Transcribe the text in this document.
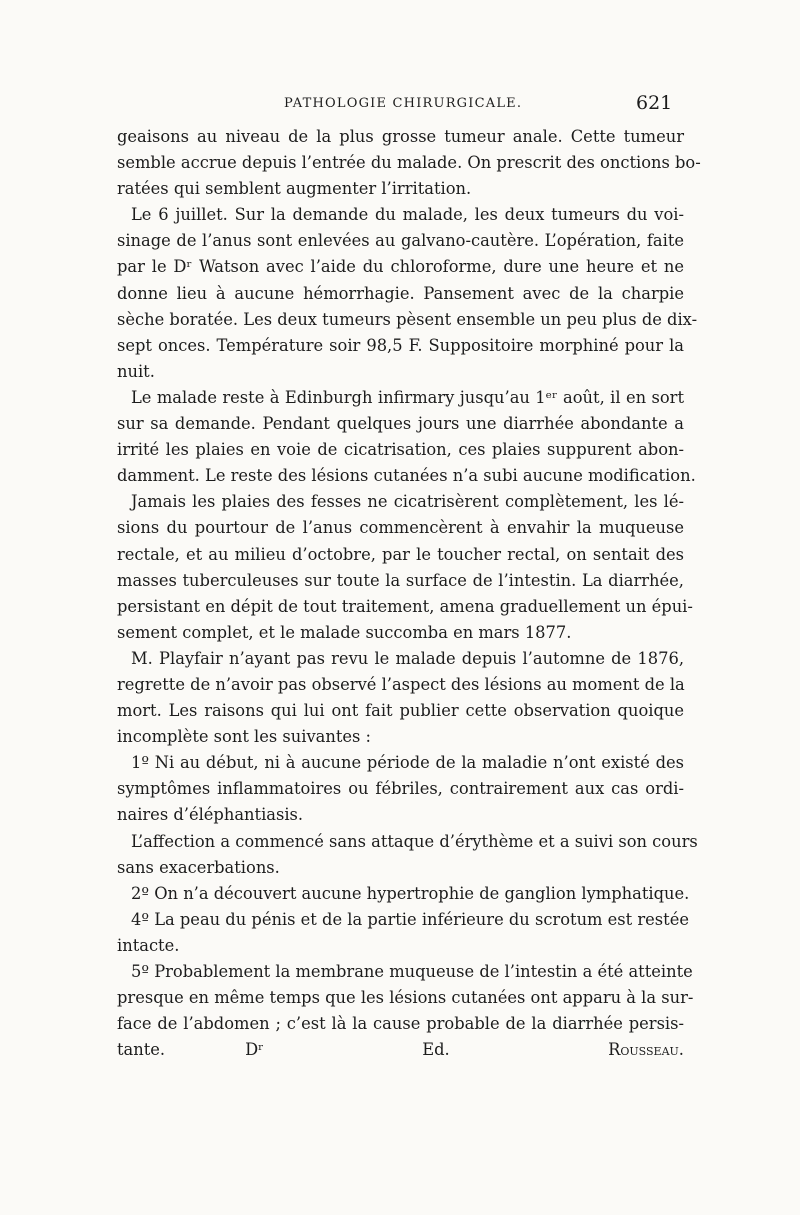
PATHOLOGIE CHIRURGICALE.	621
geaisons au niveau de la plus grosse tumeur anale. Cette tumeur
semble accrue depuis l’entrée du malade. On prescrit des onctions bo-
ratées qui semblent augmenter l’irritation.
Le 6 juillet. Sur la demande du malade, les deux tumeurs du voi-
sinage de l’anus sont enlevées au galvano-cautère. L’opération, faite
par le Dʳ Watson avec l’aide du chloroforme, dure une heure et ne
donne lieu à aucune hémorrhagie. Pansement avec de la charpie
sèche boratée. Les deux tumeurs pèsent ensemble un peu plus de dix-
sept onces. Température soir 98,5 F. Suppositoire morphiné pour la
nuit.
Le malade reste à Edinburgh infirmary jusqu’au 1ᵉʳ août, il en sort
sur sa demande. Pendant quelques jours une diarrhée abondante a
irrité les plaies en voie de cicatrisation, ces plaies suppurent abon-
damment. Le reste des lésions cutanées n’a subi aucune modification.
Jamais les plaies des fesses ne cicatrisèrent complètement, les lé-
sions du pourtour de l’anus commencèrent à envahir la muqueuse
rectale, et au milieu d’octobre, par le toucher rectal, on sentait des
masses tuberculeuses sur toute la surface de l’intestin. La diarrhée,
persistant en dépit de tout traitement, amena graduellement un épui-
sement complet, et le malade succomba en mars 1877.
M. Playfair n’ayant pas revu le malade depuis l’automne de 1876,
regrette de n’avoir pas observé l’aspect des lésions au moment de la
mort. Les raisons qui lui ont fait publier cette observation quoique
incomplète sont les suivantes :
1º Ni au début, ni à aucune période de la maladie n’ont existé des
symptômes inflammatoires ou fébriles, contrairement aux cas ordi-
naires d’éléphantiasis.
L’affection a commencé sans attaque d’érythème et a suivi son cours
sans exacerbations.
2º On n’a découvert aucune hypertrophie de ganglion lymphatique.
4º La peau du pénis et de la partie inférieure du scrotum est restée
intacte.
5º Probablement la membrane muqueuse de l’intestin a été atteinte
presque en même temps que les lésions cutanées ont apparu à la sur-
face de l’abdomen ; c’est là la cause probable de la diarrhée persis-
tante.	Dʳ Ed.	Rousseau.
